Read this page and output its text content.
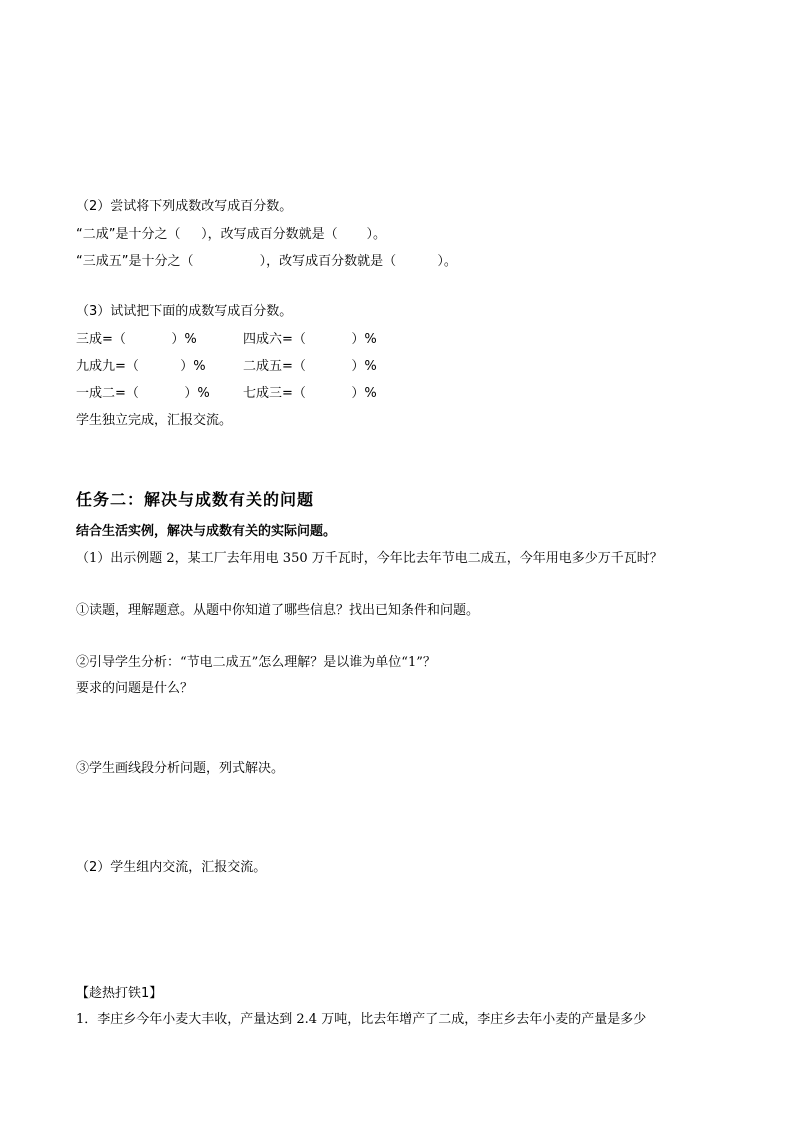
（2）尝试将下列成数改写成百分数。
“二成”是十分之（     ），改写成百分数就是（       ）。
“三成五”是十分之（                ），改写成百分数就是（          ）。
（3）试试把下面的成数写成百分数。
三成=（           ）%	四成六=（           ）%
九成九=（          ）%	二成五=（           ）%
一成二=（           ）%	七成三=（           ）%
学生独立完成，汇报交流。
任务二：解决与成数有关的问题
结合生活实例，解决与成数有关的实际问题。
（1）出示例题 2，某工厂去年用电 350 万千瓦时，今年比去年节电二成五，今年用电多少万千瓦时？
①读题，理解题意。从题中你知道了哪些信息？找出已知条件和问题。
②引导学生分析：“节电二成五”怎么理解？是以谁为单位“1”？
要求的问题是什么？
③学生画线段分析问题，列式解决。
（2）学生组内交流，汇报交流。
【趁热打铁1】
1．李庄乡今年小麦大丰收，产量达到 2.4 万吨，比去年增产了二成，李庄乡去年小麦的产量是多少
